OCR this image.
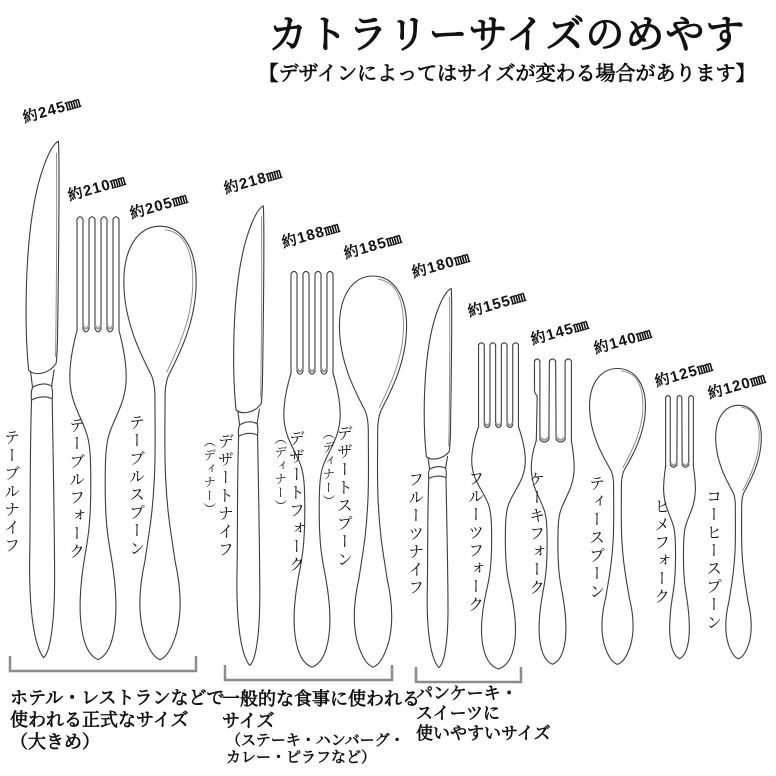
カトラリーサイズのめやす
【デザインによってはサイズが変わる場合があります】
約245㎜
約210㎜
約205㎜
約218㎜
約188㎜ 約185㎜
約180㎜
約155㎜
約145㎜ 約140㎜
約125㎜
約120㎜
テーブルナイフ	テーブルフォーク	テーブルスプーン	デザートナイフ
（ディナー）	デザートフォーク
（ディナー）	デザートスプーン
（ディナー）
フルーツナイフ	フルーツフォーク	ケーキフォーク	ティースプーン	ヒメフォーク コーヒースプーン
ホテル・レストランなどで
使われる正式なサイズ
（大きめ）
一般的な食事に使われる
サイズ
（ステーキ・ハンバーグ・
カレー・ピラフなど）
パンケーキ・
スイーツに
使いやすいサイズ
